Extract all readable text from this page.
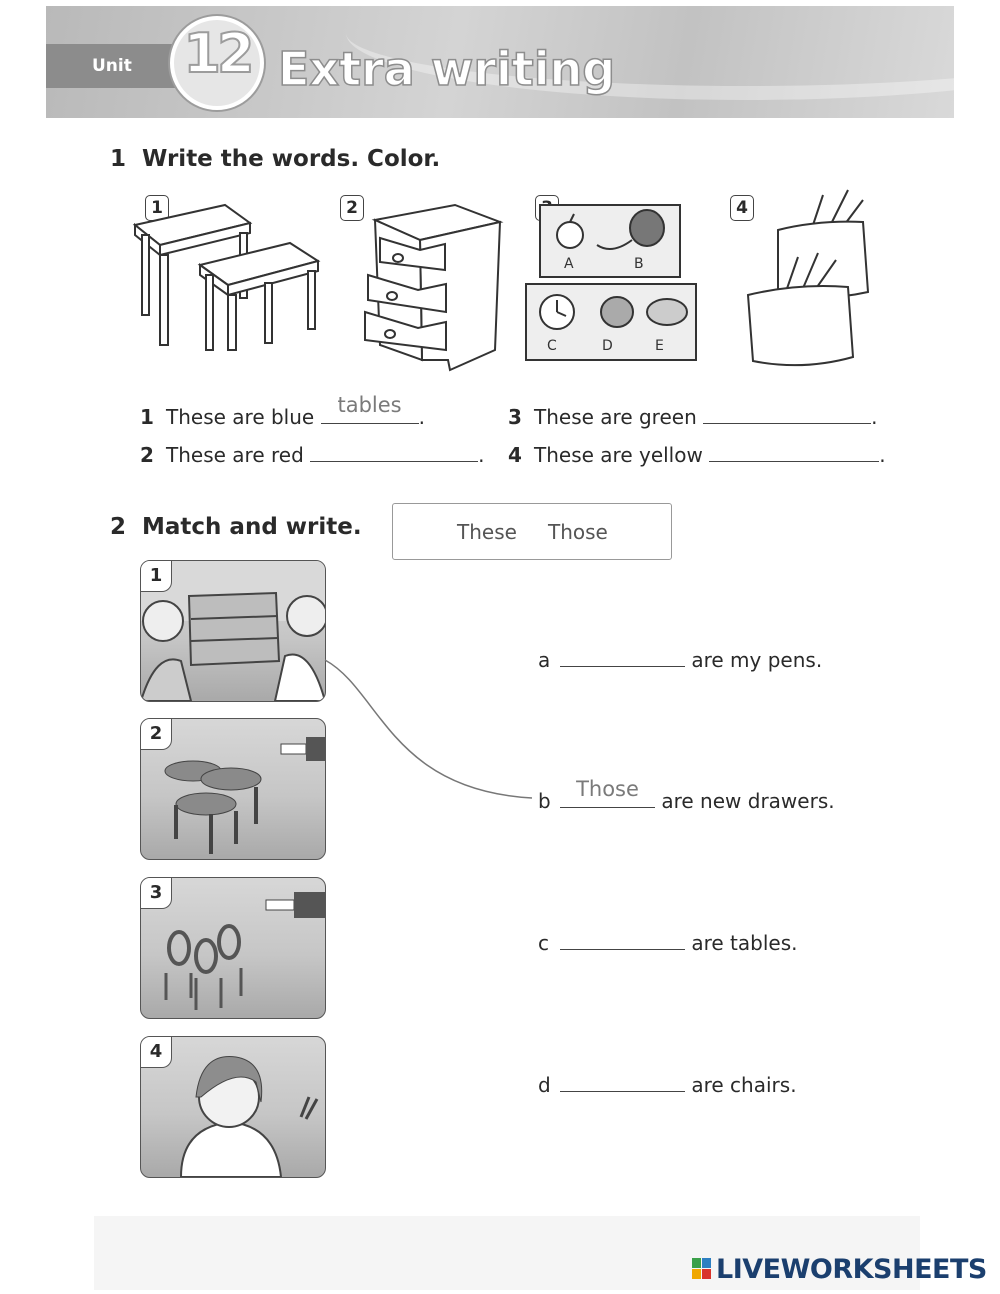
Unit 12 Extra writing
1 Write the words. Color.
1	2	4
A	B
C	D	E
1 These are blue	tables .
2 These are red	.
3 These are green	.
4 These are yellow	.
2 Match and write.	These Those
1
2
3
4
a	are my pens.
b	Those	are new drawers.
c	are tables.
d	are chairs.
LIVEWORKSHEETS
